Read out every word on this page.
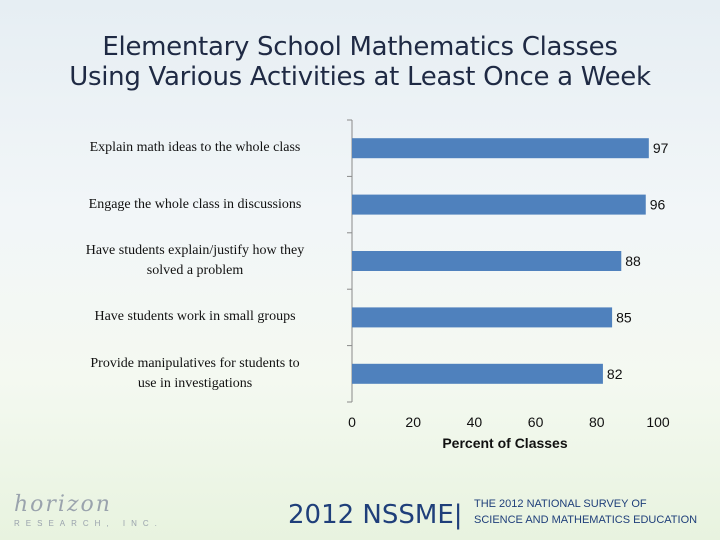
Elementary School Mathematics Classes
Using Various Activities at Least Once a Week
97
96
88
85
82
0	20	40	60	80	100
Percent of Classes
Explain math ideas to the whole class
Engage the whole class in discussions
Have students explain/justify how they
solved a problem
Have students work in small groups
Provide manipulatives for students to
use in investigations
horizon
RESEARCH, INC.	2012 NSSME| THE 2012 NATIONAL SURVEY OF
SCIENCE AND MATHEMATICS EDUCATION
